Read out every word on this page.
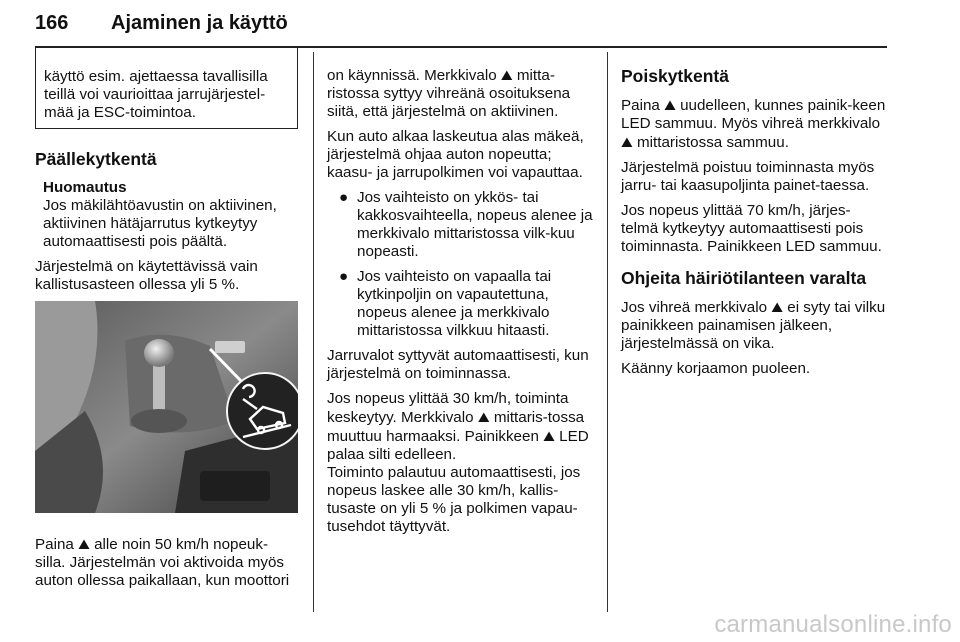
166 Ajaminen ja käyttö

käyttö esim. ajettaessa tavallisilla teillä voi vaurioittaa jarrujärjestel-mää ja ESC-toimintoa.

Päällekytkentä
Huomautus
Jos mäkilähtöavustin on aktiivinen, aktiivinen hätäjarrutus kytkeytyy automaattisesti pois päältä.

Järjestelmä on käytettävissä vain kallistusasteen ollessa yli 5 %.

Paina ⛰ alle noin 50 km/h nopeuk-silla. Järjestelmän voi aktivoida myös auton ollessa paikallaan, kun moottori

on käynnissä. Merkkivalo ⛰ mitta-ristossa syttyy vihreänä osoituksena siitä, että järjestelmä on aktiivinen.

Kun auto alkaa laskeutua alas mäkeä, järjestelmä ohjaa auton nopeutta; kaasu- ja jarrupolkimen voi vapauttaa.

● Jos vaihteisto on ykkös- tai kakkosvaihteella, nopeus alenee ja merkkivalo mittaristossa vilk-kuu nopeasti.
● Jos vaihteisto on vapaalla tai kytkinpoljin on vapautettuna, nopeus alenee ja merkkivalo mittaristossa vilkkuu hitaasti.

Jarruvalot syttyvät automaattisesti, kun järjestelmä on toiminnassa.

Jos nopeus ylittää 30 km/h, toiminta keskeytyy. Merkkivalo ⛰ mittaris-tossa muuttuu harmaaksi. Painikkeen ⛰ LED palaa silti edelleen.

Toiminto palautuu automaattisesti, jos nopeus laskee alle 30 km/h, kallis-tusaste on yli 5 % ja polkimen vapau-tusehdot täyttyvät.

Poiskytkentä

Paina ⛰ uudelleen, kunnes painik-keen LED sammuu. Myös vihreä merkkivalo ⛰ mittaristossa sammuu.

Järjestelmä poistuu toiminnasta myös jarru- tai kaasupoljinta painet-taessa.

Jos nopeus ylittää 70 km/h, järjes-telmä kytkeytyy automaattisesti pois toiminnasta. Painikkeen LED sammuu.

Ohjeita häiriötilanteen varalta

Jos vihreä merkkivalo ⛰ ei syty tai vilku painikkeen painamisen jälkeen, järjestelmässä on vika.

Käänny korjaamon puoleen.

carmanualsonline.info
